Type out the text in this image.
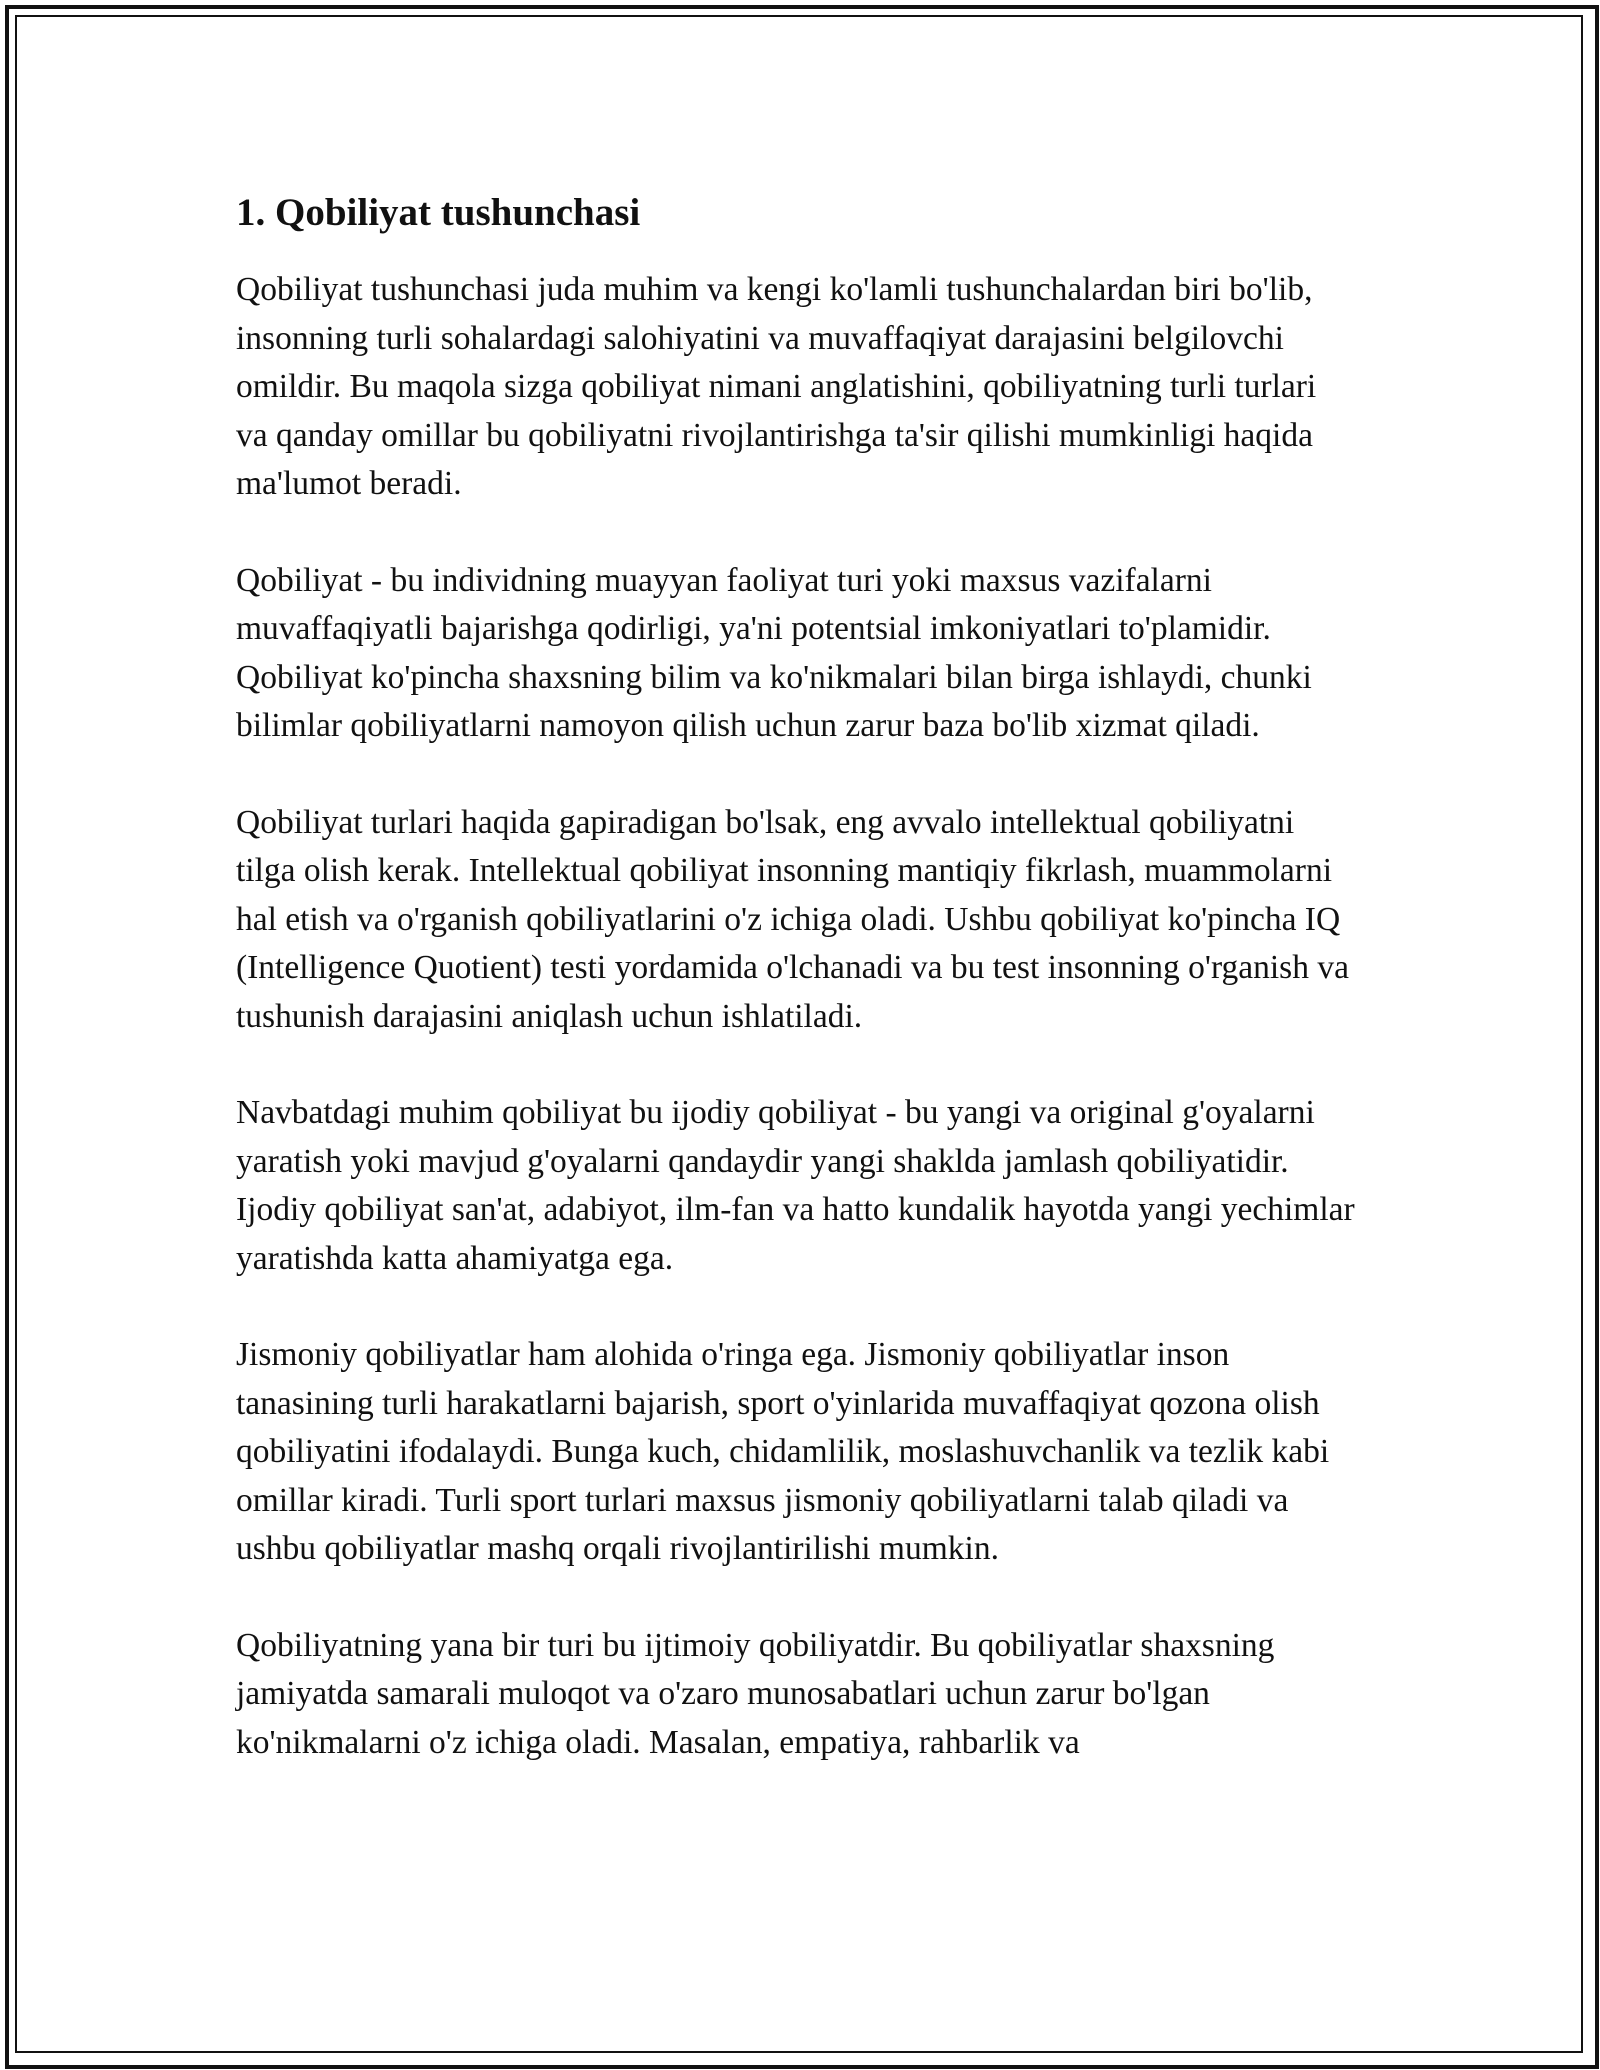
1. Qobiliyat tushunchasi

Qobiliyat tushunchasi juda muhim va kengi ko'lamli tushunchalardan biri bo'lib, insonning turli sohalardagi salohiyatini va muvaffaqiyat darajasini belgilovchi omildir. Bu maqola sizga qobiliyat nimani anglatishini, qobiliyatning turli turlari va qanday omillar bu qobiliyatni rivojlantirishga ta'sir qilishi mumkinligi haqida ma'lumot beradi.

Qobiliyat - bu individning muayyan faoliyat turi yoki maxsus vazifalarni muvaffaqiyatli bajarishga qodirligi, ya'ni potentsial imkoniyatlari to'plamidir. Qobiliyat ko'pincha shaxsning bilim va ko'nikmalari bilan birga ishlaydi, chunki bilimlar qobiliyatlarni namoyon qilish uchun zarur baza bo'lib xizmat qiladi.

Qobiliyat turlari haqida gapiradigan bo'lsak, eng avvalo intellektual qobiliyatni tilga olish kerak. Intellektual qobiliyat insonning mantiqiy fikrlash, muammolarni hal etish va o'rganish qobiliyatlarini o'z ichiga oladi. Ushbu qobiliyat ko'pincha IQ (Intelligence Quotient) testi yordamida o'lchanadi va bu test insonning o'rganish va tushunish darajasini aniqlash uchun ishlatiladi.

Navbatdagi muhim qobiliyat bu ijodiy qobiliyat - bu yangi va original g'oyalarni yaratish yoki mavjud g'oyalarni qandaydir yangi shaklda jamlash qobiliyatidir. Ijodiy qobiliyat san'at, adabiyot, ilm-fan va hatto kundalik hayotda yangi yechimlar yaratishda katta ahamiyatga ega.

Jismoniy qobiliyatlar ham alohida o'ringa ega. Jismoniy qobiliyatlar inson tanasining turli harakatlarni bajarish, sport o'yinlarida muvaffaqiyat qozona olish qobiliyatini ifodalaydi. Bunga kuch, chidamlilik, moslashuvchanlik va tezlik kabi omillar kiradi. Turli sport turlari maxsus jismoniy qobiliyatlarni talab qiladi va ushbu qobiliyatlar mashq orqali rivojlantirilishi mumkin.

Qobiliyatning yana bir turi bu ijtimoiy qobiliyatdir. Bu qobiliyatlar shaxsning jamiyatda samarali muloqot va o'zaro munosabatlari uchun zarur bo'lgan ko'nikmalarni o'z ichiga oladi. Masalan, empatiya, rahbarlik va
